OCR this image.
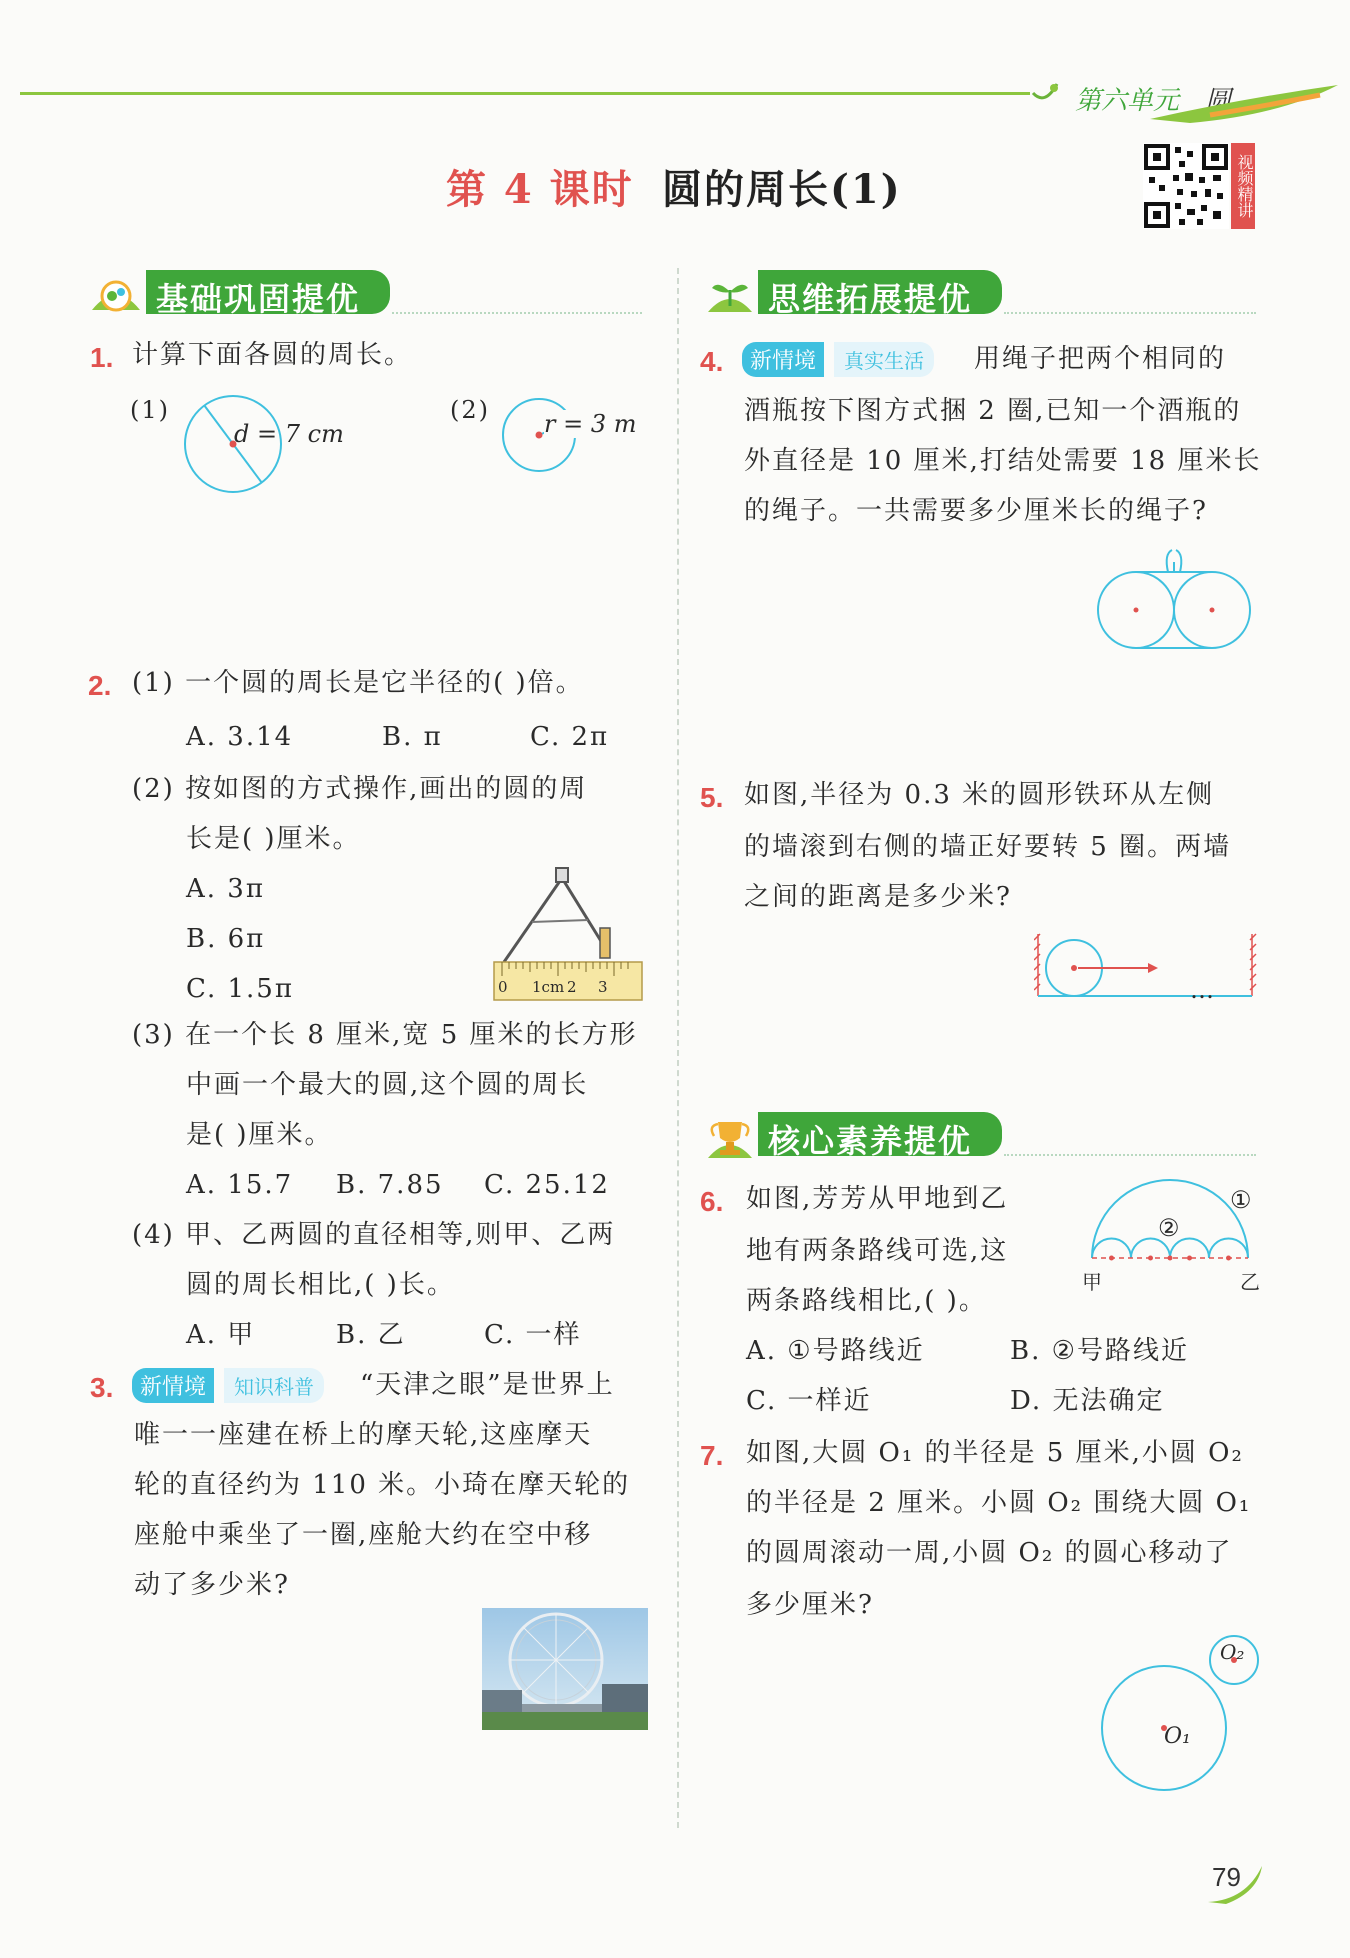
第六单元 圆
第 4 课时 圆的周长(1)	视频精讲
基础巩固提优
1. 计算下面各圆的周长。
(1)
d = 7 cm
(2) r = 3 m
2. (1) 一个圆的周长是它半径的( )倍。
A. 3.14	B. π	C. 2π
(2) 按如图的方式操作,画出的圆的周
长是( )厘米。
A. 3π
B. 6π
C. 1.5π	0 1cm 2 3
(3) 在一个长 8 厘米,宽 5 厘米的长方形
中画一个最大的圆,这个圆的周长
是( )厘米。
A. 15.7 B. 7.85 C. 25.12
(4) 甲、乙两圆的直径相等,则甲、乙两
圆的周长相比,( )长。
A. 甲	B. 乙	C. 一样
3.	新情境	知识科普	“天津之眼”是世界上
唯一一座建在桥上的摩天轮,这座摩天
轮的直径约为 110 米。小琦在摩天轮的
座舱中乘坐了一圈,座舱大约在空中移
动了多少米?
思维拓展提优
4.	新情境	真实生活	用绳子把两个相同的
酒瓶按下图方式捆 2 圈,已知一个酒瓶的
外直径是 10 厘米,打结处需要 18 厘米长
的绳子。一共需要多少厘米长的绳子?
5. 如图,半径为 0.3 米的圆形铁环从左侧
的墙滚到右侧的墙正好要转 5 圈。两墙
之间的距离是多少米?
…
核心素养提优
6. 如图,芳芳从甲地到乙
地有两条路线可选,这
两条路线相比,( )。
①
②
甲	乙
A. ①号路线近	B. ②号路线近
C. 一样近	D. 无法确定
7. 如图,大圆 O₁ 的半径是 5 厘米,小圆 O₂
的半径是 2 厘米。小圆 O₂ 围绕大圆 O₁
的圆周滚动一周,小圆 O₂ 的圆心移动了
多少厘米?
O₁
O₂
79
